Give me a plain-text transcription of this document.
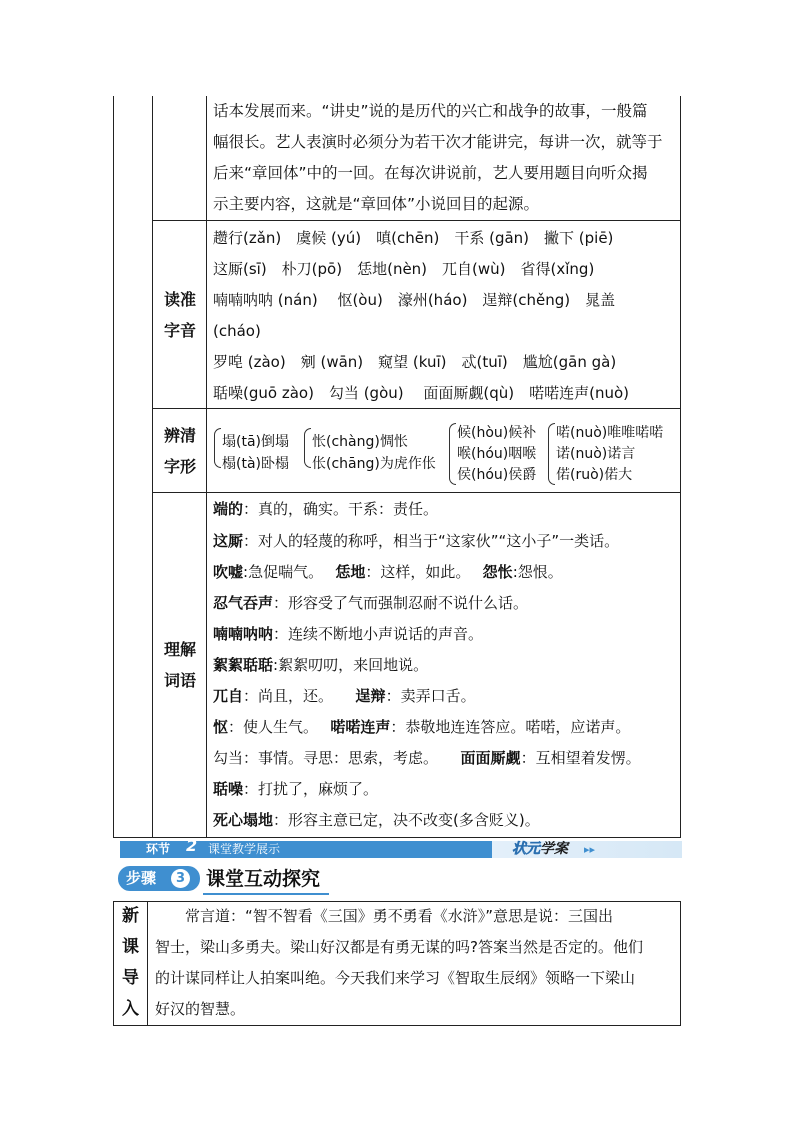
话本发展而来。“讲史”说的是历代的兴亡和战争的故事，一般篇
幅很长。艺人表演时必须分为若干次才能讲完，每讲一次，就等于
后来“章回体”中的一回。在每次讲说前，艺人要用题目向听众揭
示主要内容，这就是“章回体”小说回目的起源。
读准
字音
趱行(zǎn)　虞候 (yú)　嗔(chēn)　干系 (gān)　撇下 (piē)
这厮(sī)　朴刀(pō)　恁地(nèn)　兀自(wù)　省得(xǐng)
喃喃呐呐 (nán)　 怄(òu)　濠州(háo)　逞辩(chěng)　晁盖
(cháo)
罗唣 (zào)　剜 (wān)　窥望 (kuī)　忒(tuī)　尴尬(gān gà)
聒噪(guō zào)　勾当 (gòu)　 面面厮觑(qù)　喏喏连声(nuò)
辨清
字形
塌(tā)倒塌
榻(tà)卧榻
怅(chàng)惆怅
伥(chāng)为虎作伥
候(hòu)候补
喉(hóu)咽喉
侯(hóu)侯爵
喏(nuò)唯唯喏喏
诺(nuò)诺言
偌(ruò)偌大
理解
词语
端的：真的，确实。干系：责任。
这厮：对人的轻蔑的称呼，相当于“这家伙”“这小子”一类话。
吹嘘:急促喘气。　 恁地：这样，如此。　 怨怅:怨恨。
忍气吞声：形容受了气而强制忍耐不说什么话。
喃喃呐呐：连续不断地小声说话的声音。
絮絮聒聒:絮絮叨叨，来回地说。
兀自：尚且，还。　　 逞辩：卖弄口舌。
怄：使人生气。　 喏喏连声：恭敬地连连答应。喏喏，应诺声。
勾当：事情。寻思：思索，考虑。　　 面面厮觑：互相望着发愣。
聒噪：打扰了，麻烦了。
死心塌地：形容主意已定，决不改变(多含贬义)。
环节 2 课堂教学展示	状元学案 ▸▸
步骤	3 课堂互动探究
新
课
导
入
　　常言道：“智不智看《三国》勇不勇看《水浒》”意思是说：三国出
智士，梁山多勇夫。梁山好汉都是有勇无谋的吗?答案当然是否定的。他们
的计谋同样让人拍案叫绝。今天我们来学习《智取生辰纲》领略一下梁山
好汉的智慧。
